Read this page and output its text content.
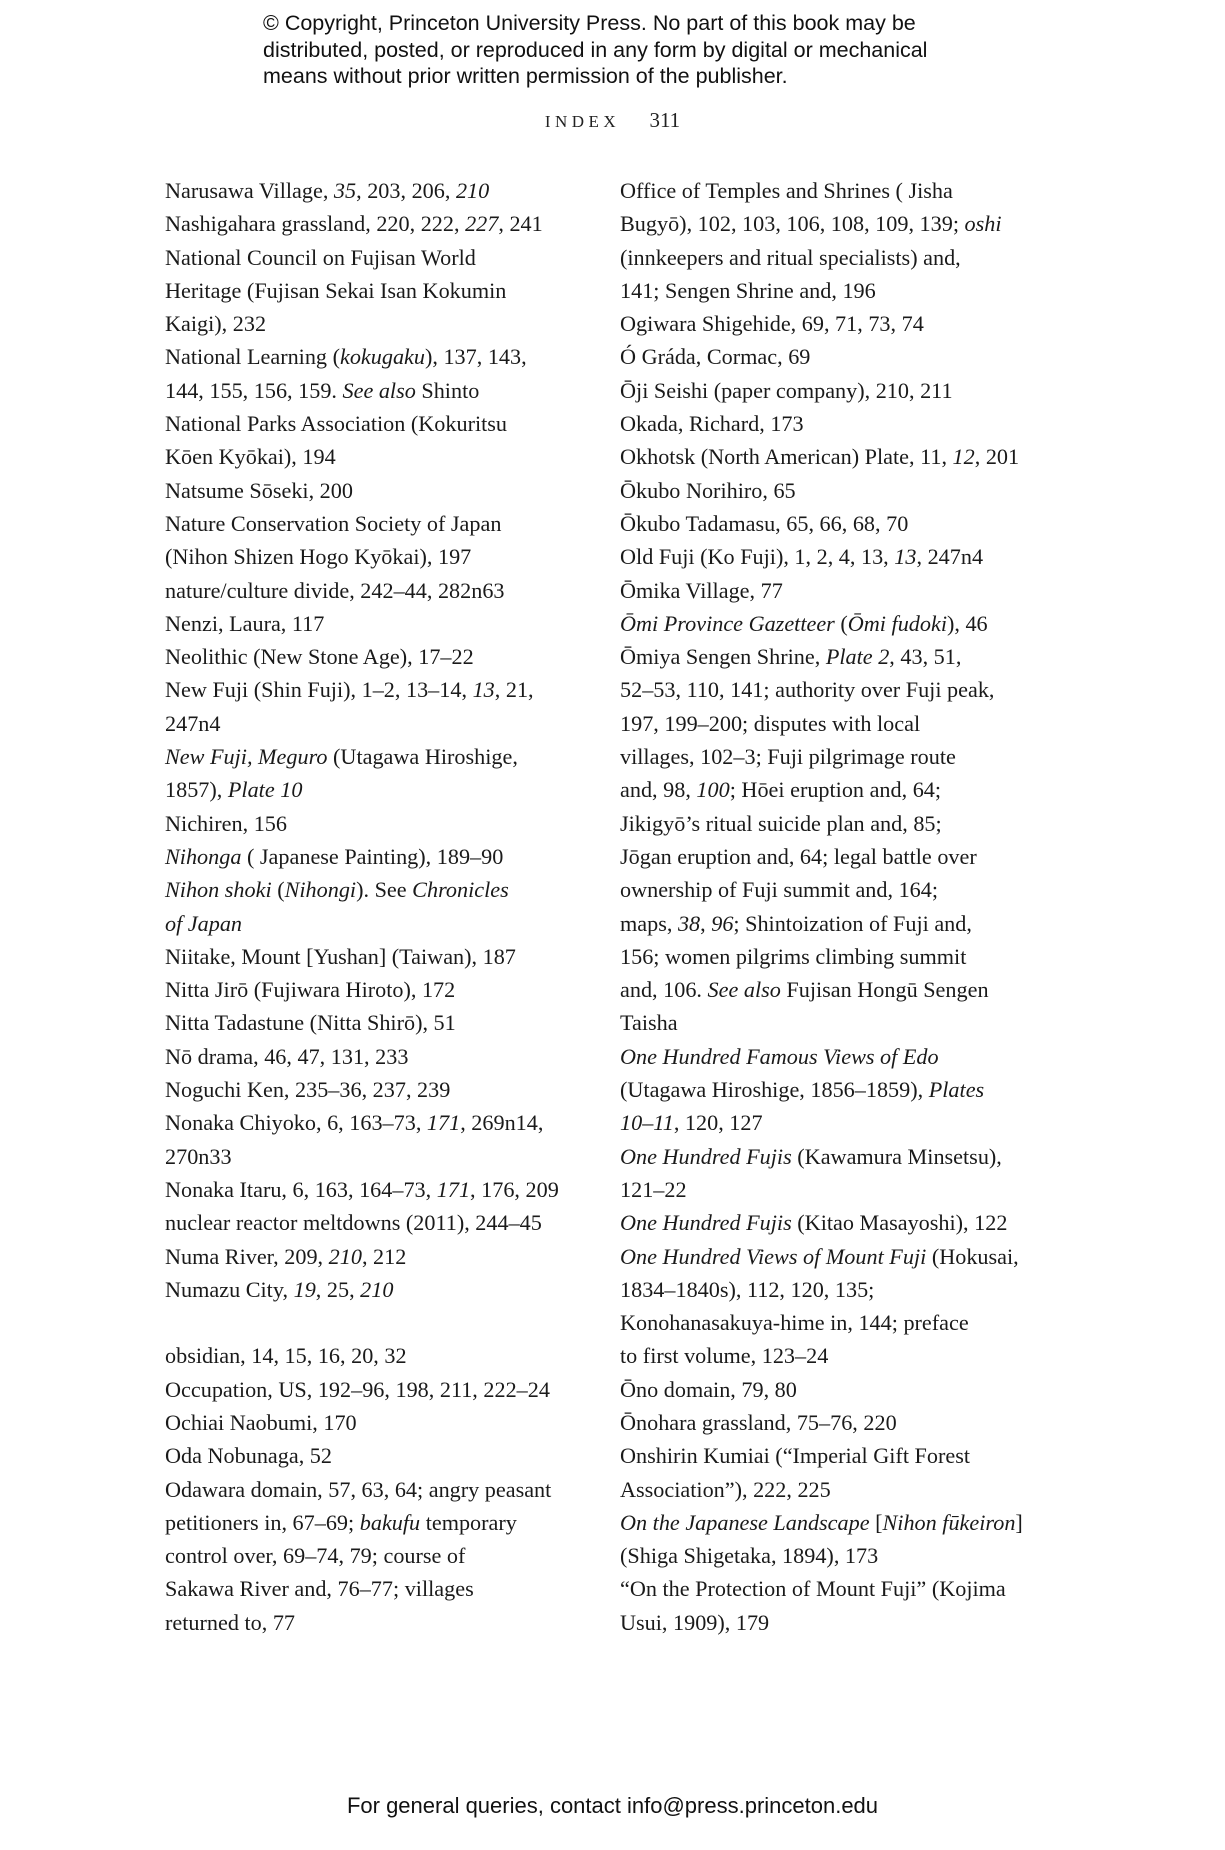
© Copyright, Princeton University Press. No part of this book may be
distributed, posted, or reproduced in any form by digital or mechanical
means without prior written permission of the publisher.
INDEX 311
Narusawa Village, 35, 203, 206, 210
Nashigahara grassland, 220, 222, 227, 241
National Council on Fujisan World
Heritage (Fujisan Sekai Isan Kokumin
Kaigi), 232
National Learning (kokugaku), 137, 143,
144, 155, 156, 159. See also Shinto
National Parks Association (Kokuritsu
Kōen Kyōkai), 194
Natsume Sōseki, 200
Nature Conservation Society of Japan
(Nihon Shizen Hogo Kyōkai), 197
nature/culture divide, 242–44, 282n63
Nenzi, Laura, 117
Neolithic (New Stone Age), 17–22
New Fuji (Shin Fuji), 1–2, 13–14, 13, 21,
247n4
New Fuji, Meguro (Utagawa Hiroshige,
1857), Plate 10
Nichiren, 156
Nihonga ( Japanese Painting), 189–90
Nihon shoki (Nihongi). See Chronicles
of Japan
Niitake, Mount [Yushan] (Taiwan), 187
Nitta Jirō (Fujiwara Hiroto), 172
Nitta Tadastune (Nitta Shirō), 51
Nō drama, 46, 47, 131, 233
Noguchi Ken, 235–36, 237, 239
Nonaka Chiyoko, 6, 163–73, 171, 269n14,
270n33
Nonaka Itaru, 6, 163, 164–73, 171, 176, 209
nuclear reactor meltdowns (2011), 244–45
Numa River, 209, 210, 212
Numazu City, 19, 25, 210
obsidian, 14, 15, 16, 20, 32
Occupation, US, 192–96, 198, 211, 222–24
Ochiai Naobumi, 170
Oda Nobunaga, 52
Odawara domain, 57, 63, 64; angry peasant
petitioners in, 67–69; bakufu temporary
control over, 69–74, 79; course of
Sakawa River and, 76–77; villages
returned to, 77
Office of Temples and Shrines ( Jisha
Bugyō), 102, 103, 106, 108, 109, 139; oshi
(innkeepers and ritual specialists) and,
141; Sengen Shrine and, 196
Ogiwara Shigehide, 69, 71, 73, 74
Ó Gráda, Cormac, 69
Ōji Seishi (paper company), 210, 211
Okada, Richard, 173
Okhotsk (North American) Plate, 11, 12, 201
Ōkubo Norihiro, 65
Ōkubo Tadamasu, 65, 66, 68, 70
Old Fuji (Ko Fuji), 1, 2, 4, 13, 13, 247n4
Ōmika Village, 77
Ōmi Province Gazetteer (Ōmi fudoki), 46
Ōmiya Sengen Shrine, Plate 2, 43, 51,
52–53, 110, 141; authority over Fuji peak,
197, 199–200; disputes with local
villages, 102–3; Fuji pilgrimage route
and, 98, 100; Hōei eruption and, 64;
Jikigyō’s ritual suicide plan and, 85;
Jōgan eruption and, 64; legal battle over
ownership of Fuji summit and, 164;
maps, 38, 96; Shintoization of Fuji and,
156; women pilgrims climbing summit
and, 106. See also Fujisan Hongū Sengen
Taisha
One Hundred Famous Views of Edo
(Utagawa Hiroshige, 1856–1859), Plates
10–11, 120, 127
One Hundred Fujis (Kawamura Minsetsu),
121–22
One Hundred Fujis (Kitao Masayoshi), 122
One Hundred Views of Mount Fuji (Hokusai,
1834–1840s), 112, 120, 135;
Konohanasakuya-hime in, 144; preface
to first volume, 123–24
Ōno domain, 79, 80
Ōnohara grassland, 75–76, 220
Onshirin Kumiai (“Imperial Gift Forest
Association”), 222, 225
On the Japanese Landscape [Nihon fūkeiron]
(Shiga Shigetaka, 1894), 173
“On the Protection of Mount Fuji” (Kojima
Usui, 1909), 179
For general queries, contact info@press.princeton.edu
